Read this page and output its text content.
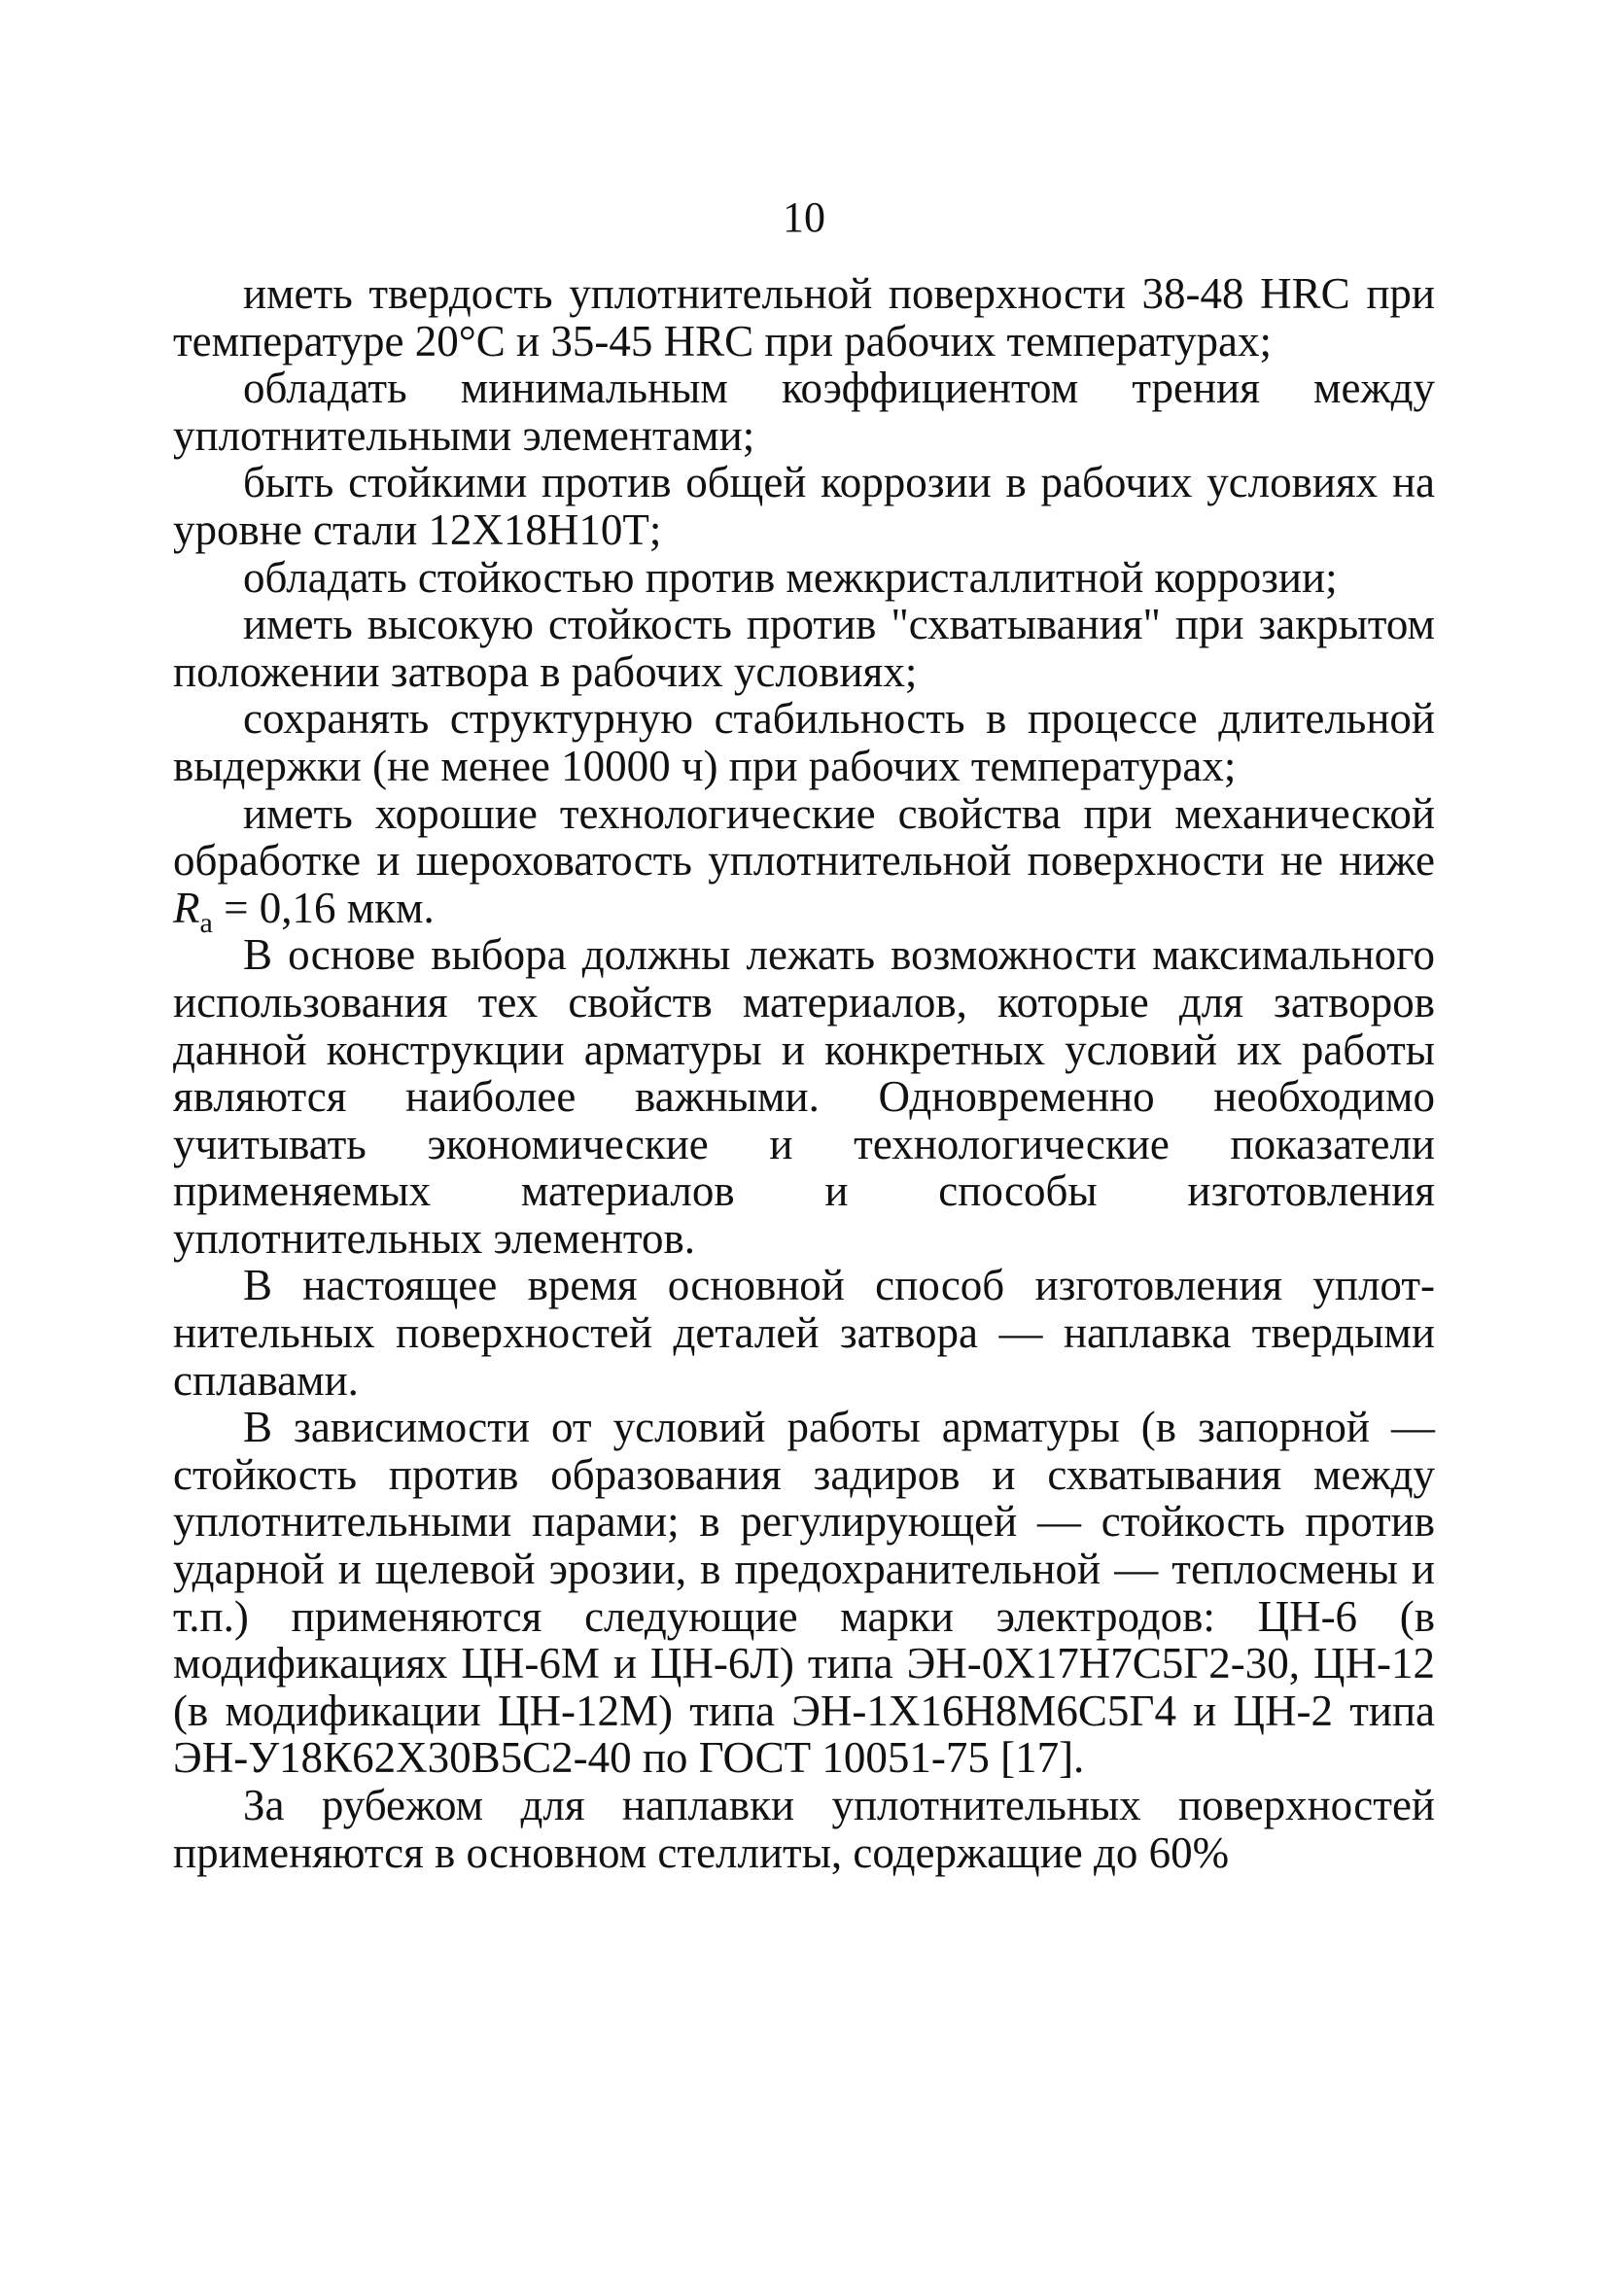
10

иметь твердость уплотнительной поверхности 38-48 HRC при температуре 20°C и 35-45 HRC при рабочих температурах;

обладать минимальным коэффициентом трения между уплотнительными элементами;

быть стойкими против общей коррозии в рабочих условиях на уровне стали 12Х18Н10Т;

обладать стойкостью против межкристаллитной коррозии;

иметь высокую стойкость против "схватывания" при закрытом положении затвора в рабочих условиях;

сохранять структурную стабильность в процессе длительной выдержки (не менее 10000 ч) при рабочих температурах;

иметь хорошие технологические свойства при механической обработке и шероховатость уплотнительной поверхности не ниже $R_a = 0,16$ мкм.

В основе выбора должны лежать возможности максимального использования тех свойств материалов, которые для затворов данной конструкции арматуры и конкретных условий их работы являются наиболее важными. Одновременно необходимо учитывать экономические и технологические показатели применяемых материалов и способы изготовления уплотнительных элементов.

В настоящее время основной способ изготовления уплотнительных поверхностей деталей затвора — наплавка твердыми сплавами.

В зависимости от условий работы арматуры (в запорной — стойкость против образования задиров и схватывания между уплотнительными парами; в регулирующей — стойкость против ударной и щелевой эрозии, в предохранительной — теплосмены и т.п.) применяются следующие марки электродов: ЦН-6 (в модификациях ЦН-6М и ЦН-6Л) типа ЭН-0Х17Н7С5Г2-30, ЦН-12 (в модификации ЦН-12М) типа ЭН-1Х16Н8М6С5Г4 и ЦН-2 типа ЭН-У18К62Х30В5С2-40 по ГОСТ 10051-75 [17].

За рубежом для наплавки уплотнительных поверхностей применяются в основном стеллиты, содержащие до 60%
